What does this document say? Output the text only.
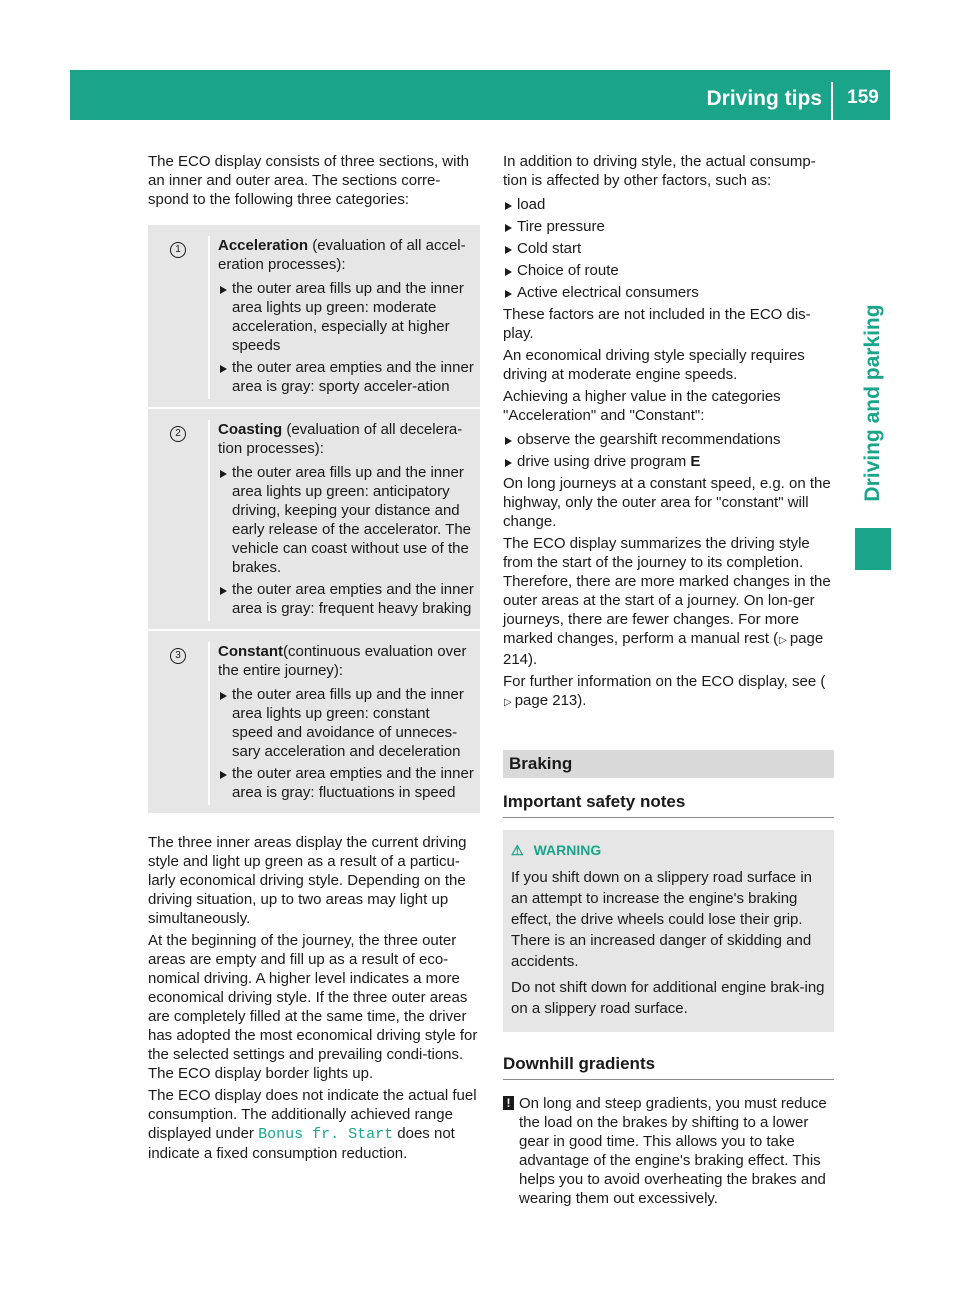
Driving tips	159
Driving and parking

The ECO display consists of three sections, with an inner and outer area. The sections corre-spond to the following three categories:

1	Acceleration (evaluation of all accel-eration processes):
the outer area fills up and the inner area lights up green: moderate acceleration, especially at higher speeds
the outer area empties and the inner area is gray: sporty acceler-ation
2	Coasting (evaluation of all decelera-tion processes):
the outer area fills up and the inner area lights up green: anticipatory driving, keeping your distance and early release of the accelerator. The vehicle can coast without use of the brakes.
the outer area empties and the inner area is gray: frequent heavy braking
3	Constant(continuous evaluation over the entire journey):
the outer area fills up and the inner area lights up green: constant speed and avoidance of unneces-sary acceleration and deceleration
the outer area empties and the inner area is gray: fluctuations in speed

The three inner areas display the current driving style and light up green as a result of a particu-larly economical driving style. Depending on the driving situation, up to two areas may light up simultaneously.

At the beginning of the journey, the three outer areas are empty and fill up as a result of eco-nomical driving. A higher level indicates a more economical driving style. If the three outer areas are completely filled at the same time, the driver has adopted the most economical driving style for the selected settings and prevailing condi-tions. The ECO display border lights up.

The ECO display does not indicate the actual fuel consumption. The additionally achieved range displayed under Bonus fr. Start does not indicate a fixed consumption reduction.

In addition to driving style, the actual consump-tion is affected by other factors, such as:

load
Tire pressure
Cold start
Choice of route
Active electrical consumers

These factors are not included in the ECO dis-play.

An economical driving style specially requires driving at moderate engine speeds.

Achieving a higher value in the categories "Acceleration" and "Constant":

observe the gearshift recommendations
drive using drive program E

On long journeys at a constant speed, e.g. on the highway, only the outer area for "constant" will change.

The ECO display summarizes the driving style from the start of the journey to its completion. Therefore, there are more marked changes in the outer areas at the start of a journey. On lon-ger journeys, there are fewer changes. For more marked changes, perform a manual rest (▷ page 214).

For further information on the ECO display, see (▷ page 213).

Braking
Important safety notes
⚠ WARNING

If you shift down on a slippery road surface in an attempt to increase the engine's braking effect, the drive wheels could lose their grip. There is an increased danger of skidding and accidents.

Do not shift down for additional engine brak-ing on a slippery road surface.

Downhill gradients
! On long and steep gradients, you must reduce the load on the brakes by shifting to a lower gear in good time. This allows you to take advantage of the engine's braking effect. This helps you to avoid overheating the brakes and wearing them out excessively.
